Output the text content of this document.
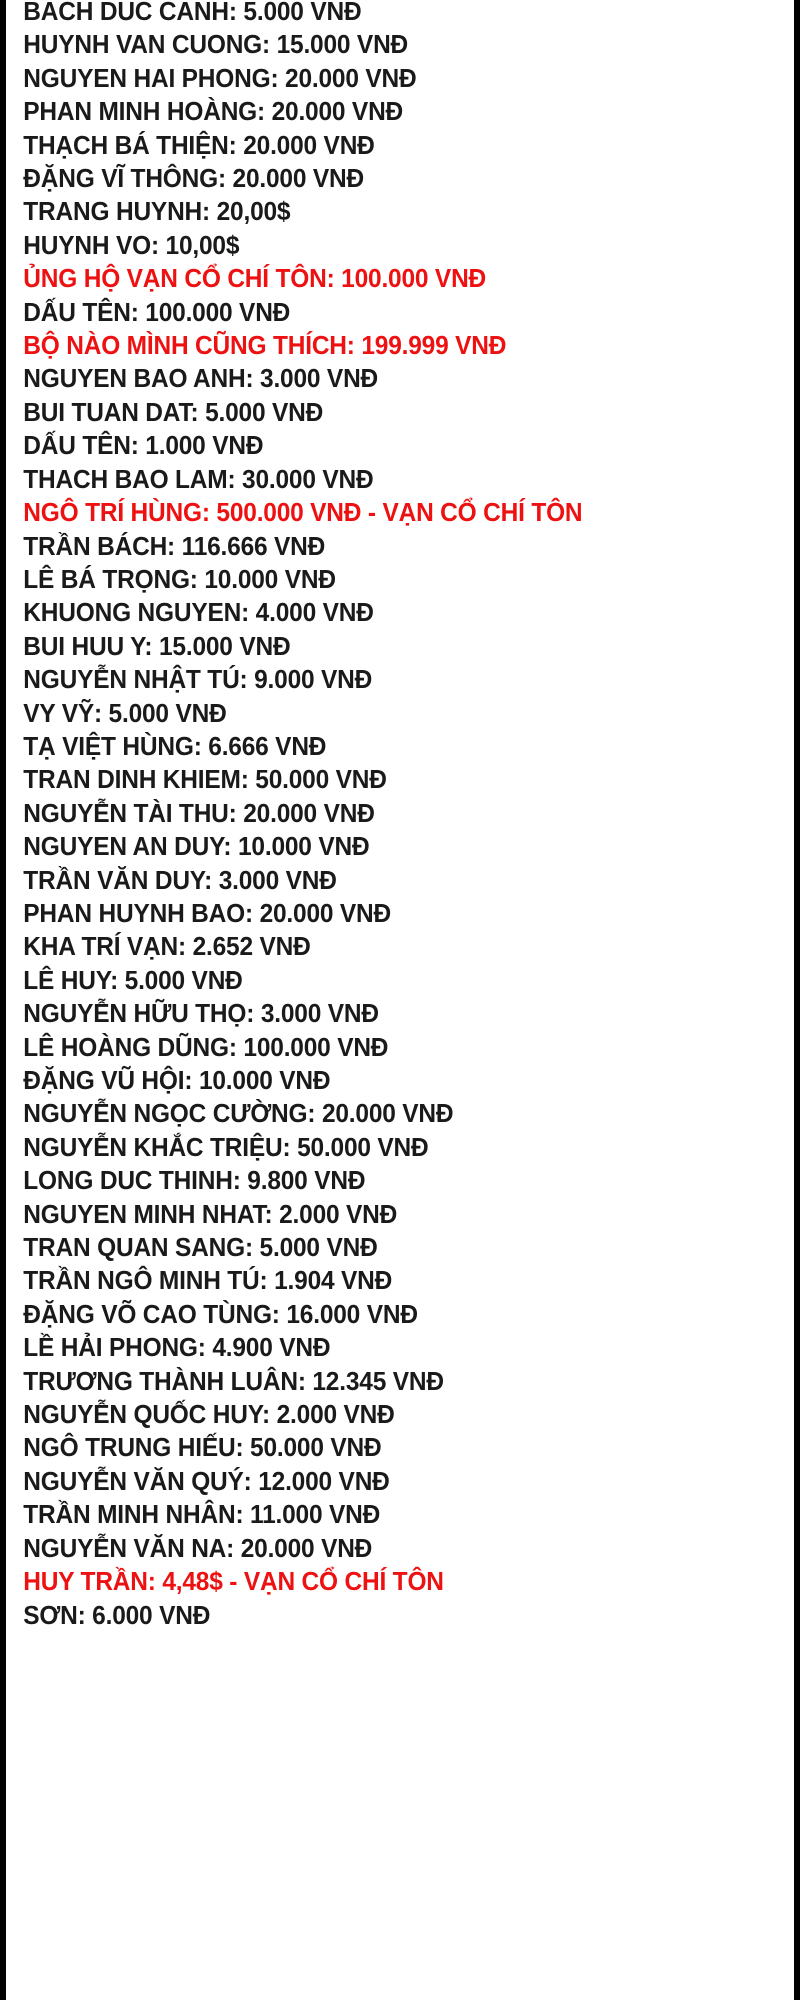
BACH DUC CANH: 5.000 VNĐ
HUYNH VAN CUONG: 15.000 VNĐ
NGUYEN HAI PHONG: 20.000 VNĐ
PHAN MINH HOÀNG: 20.000 VNĐ
THẠCH BÁ THIỆN: 20.000 VNĐ
ĐẶNG VĨ THÔNG: 20.000 VNĐ
TRANG HUYNH: 20,00$
HUYNH VO: 10,00$
ỦNG HỘ VẠN CỔ CHÍ TÔN: 100.000 VNĐ
DẤU TÊN: 100.000 VNĐ
BỘ NÀO MÌNH CŨNG THÍCH: 199.999 VNĐ
NGUYEN BAO ANH: 3.000 VNĐ
BUI TUAN DAT: 5.000 VNĐ
DẤU TÊN: 1.000 VNĐ
THACH BAO LAM: 30.000 VNĐ
NGÔ TRÍ HÙNG: 500.000 VNĐ - VẠN CỔ CHÍ TÔN
TRẦN BÁCH: 116.666 VNĐ
LÊ BÁ TRỌNG: 10.000 VNĐ
KHUONG NGUYEN: 4.000 VNĐ
BUI HUU Y: 15.000 VNĐ
NGUYỄN NHẬT TÚ: 9.000 VNĐ
VY VỸ: 5.000 VNĐ
TẠ VIỆT HÙNG: 6.666 VNĐ
TRAN DINH KHIEM: 50.000 VNĐ
NGUYỄN TÀI THU: 20.000 VNĐ
NGUYEN AN DUY: 10.000 VNĐ
TRẦN VĂN DUY: 3.000 VNĐ
PHAN HUYNH BAO: 20.000 VNĐ
KHA TRÍ VẠN: 2.652 VNĐ
LÊ HUY: 5.000 VNĐ
NGUYỄN HỮU THỌ: 3.000 VNĐ
LÊ HOÀNG DŨNG: 100.000 VNĐ
ĐẶNG VŨ HỘI: 10.000 VNĐ
NGUYỄN NGỌC CƯỜNG: 20.000 VNĐ
NGUYỄN KHẮC TRIỆU: 50.000 VNĐ
LONG DUC THINH: 9.800 VNĐ
NGUYEN MINH NHAT: 2.000 VNĐ
TRAN QUAN SANG: 5.000 VNĐ
TRẦN NGÔ MINH TÚ: 1.904 VNĐ
ĐẶNG VÕ CAO TÙNG: 16.000 VNĐ
LỀ HẢI PHONG: 4.900 VNĐ
TRƯƠNG THÀNH LUÂN: 12.345 VNĐ
NGUYỄN QUỐC HUY: 2.000 VNĐ
NGÔ TRUNG HIẾU: 50.000 VNĐ
NGUYỄN VĂN QUÝ: 12.000 VNĐ
TRẦN MINH NHÂN: 11.000 VNĐ
NGUYỄN VĂN NA: 20.000 VNĐ
HUY TRẦN: 4,48$ - VẠN CỔ CHÍ TÔN
SƠN: 6.000 VNĐ
